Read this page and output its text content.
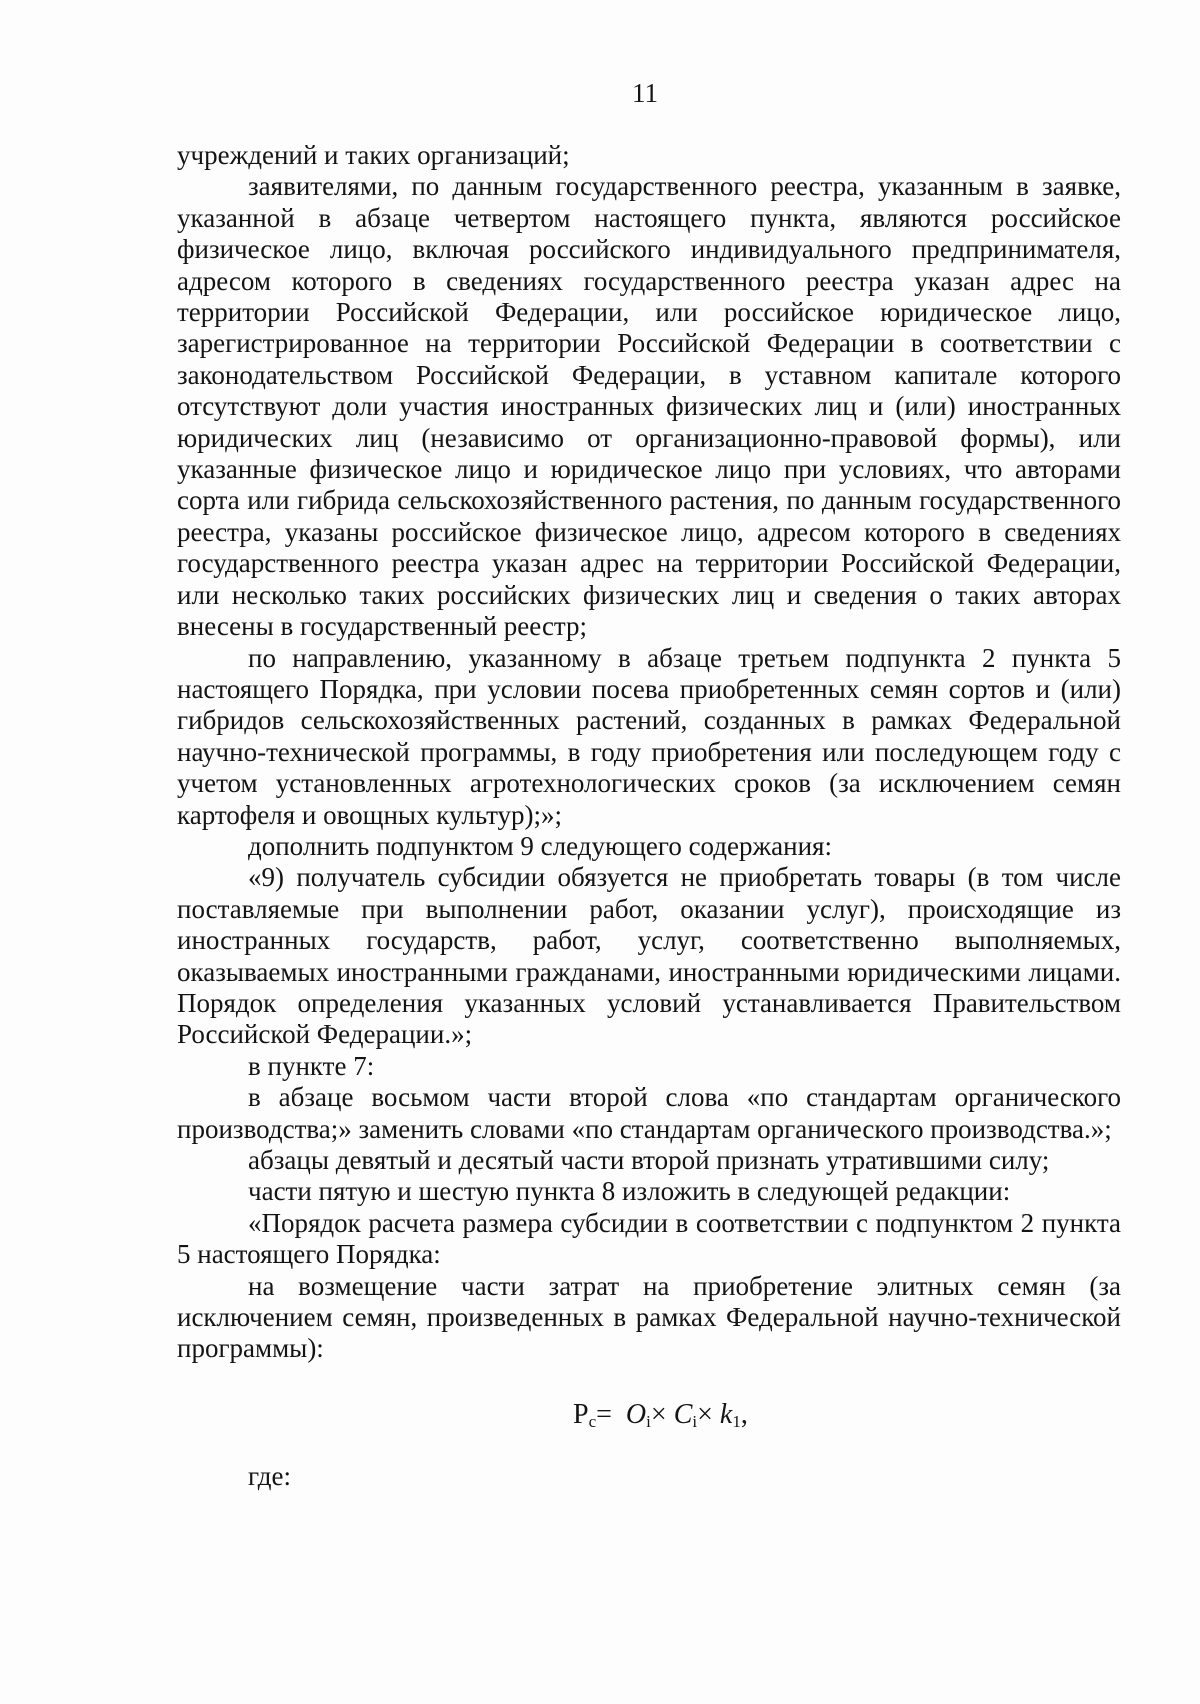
11

учреждений и таких организаций;

заявителями, по данным государственного реестра, указанным в заявке, указанной в абзаце четвертом настоящего пункта, являются российское физическое лицо, включая российского индивидуального предпринимателя, адресом которого в сведениях государственного реестра указан адрес на территории Российской Федерации, или российское юридическое лицо, зарегистрированное на территории Российской Федерации в соответствии с законодательством Российской Федерации, в уставном капитале которого отсутствуют доли участия иностранных физических лиц и (или) иностранных юридических лиц (независимо от организационно-правовой формы), или указанные физическое лицо и юридическое лицо при условиях, что авторами сорта или гибрида сельскохозяйственного растения, по данным государственного реестра, указаны российское физическое лицо, адресом которого в сведениях государственного реестра указан адрес на территории Российской Федерации, или несколько таких российских физических лиц и сведения о таких авторах внесены в государственный реестр;

по направлению, указанному в абзаце третьем подпункта 2 пункта 5 настоящего Порядка, при условии посева приобретенных семян сортов и (или) гибридов сельскохозяйственных растений, созданных в рамках Федеральной научно-технической программы, в году приобретения или последующем году с учетом установленных агротехнологических сроков (за исключением семян картофеля и овощных культур);»;

дополнить подпунктом 9 следующего содержания:

«9) получатель субсидии обязуется не приобретать товары (в том числе поставляемые при выполнении работ, оказании услуг), происходящие из иностранных государств, работ, услуг, соответственно выполняемых, оказываемых иностранными гражданами, иностранными юридическими лицами. Порядок определения указанных условий устанавливается Правительством Российской Федерации.»;

в пункте 7:

в абзаце восьмом части второй слова «по стандартам органического производства;» заменить словами «по стандартам органического производства.»;

абзацы девятый и десятый части второй признать утратившими силу;

части пятую и шестую пункта 8 изложить в следующей редакции:

«Порядок расчета размера субсидии в соответствии с подпунктом 2 пункта 5 настоящего Порядка:

на возмещение части затрат на приобретение элитных семян (за исключением семян, произведенных в рамках Федеральной научно-технической программы):

$Р_с= О_i\times С_i\times k_1$,

где:
